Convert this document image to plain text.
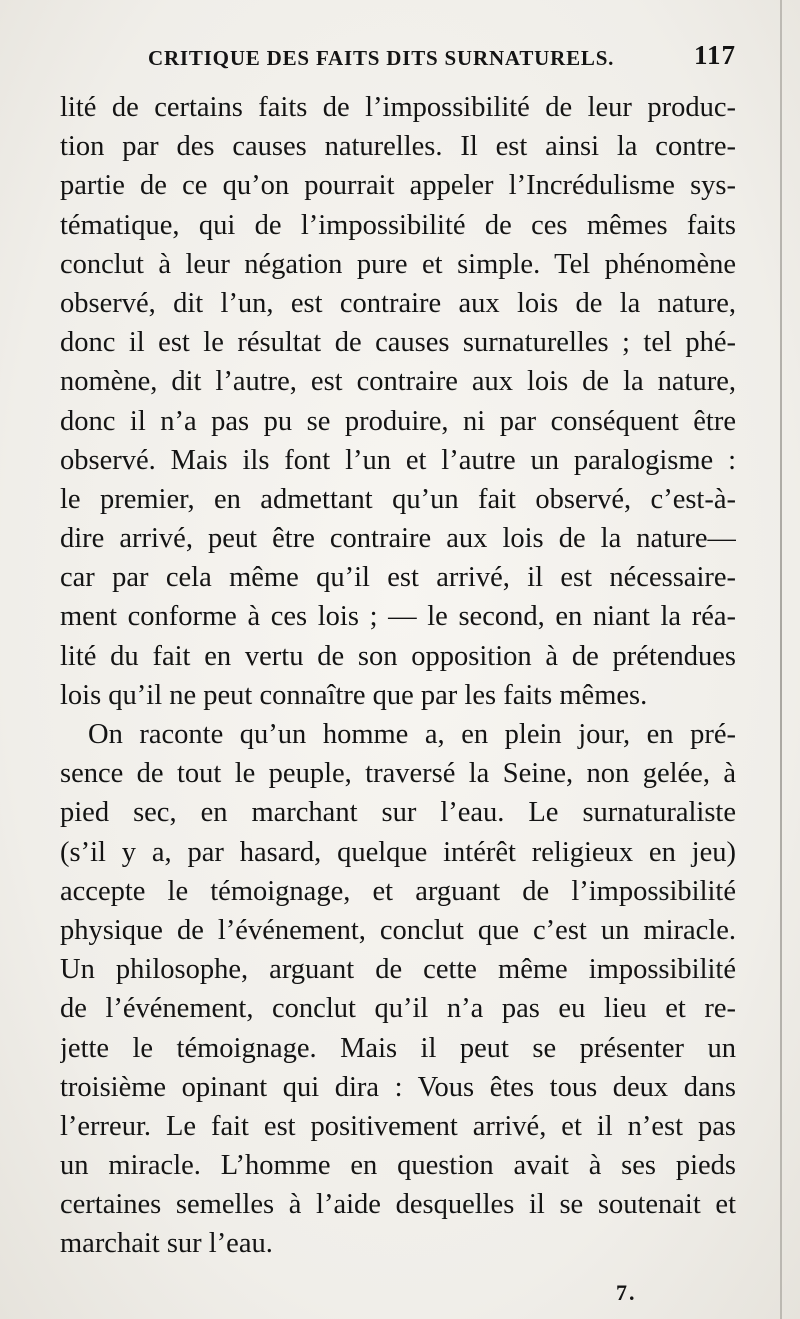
CRITIQUE DES FAITS DITS SURNATURELS.	117
lité de certains faits de l’impossibilité de leur produc-
tion par des causes naturelles. Il est ainsi la contre-
partie de ce qu’on pourrait appeler l’Incrédulisme sys-
tématique, qui de l’impossibilité de ces mêmes faits
conclut à leur négation pure et simple. Tel phénomène
observé, dit l’un, est contraire aux lois de la nature,
donc il est le résultat de causes surnaturelles ; tel phé-
nomène, dit l’autre, est contraire aux lois de la nature,
donc il n’a pas pu se produire, ni par conséquent être
observé. Mais ils font l’un et l’autre un paralogisme :
le premier, en admettant qu’un fait observé, c’est-à-
dire arrivé, peut être contraire aux lois de la nature—
car par cela même qu’il est arrivé, il est nécessaire-
ment conforme à ces lois ; — le second, en niant la réa-
lité du fait en vertu de son opposition à de prétendues
lois qu’il ne peut connaître que par les faits mêmes.
On raconte qu’un homme a, en plein jour, en pré-
sence de tout le peuple, traversé la Seine, non gelée, à
pied sec, en marchant sur l’eau. Le surnaturaliste
(s’il y a, par hasard, quelque intérêt religieux en jeu)
accepte le témoignage, et arguant de l’impossibilité
physique de l’événement, conclut que c’est un miracle.
Un philosophe, arguant de cette même impossibilité
de l’événement, conclut qu’il n’a pas eu lieu et re-
jette le témoignage. Mais il peut se présenter un
troisième opinant qui dira : Vous êtes tous deux dans
l’erreur. Le fait est positivement arrivé, et il n’est pas
un miracle. L’homme en question avait à ses pieds
certaines semelles à l’aide desquelles il se soutenait et
marchait sur l’eau.
7.
